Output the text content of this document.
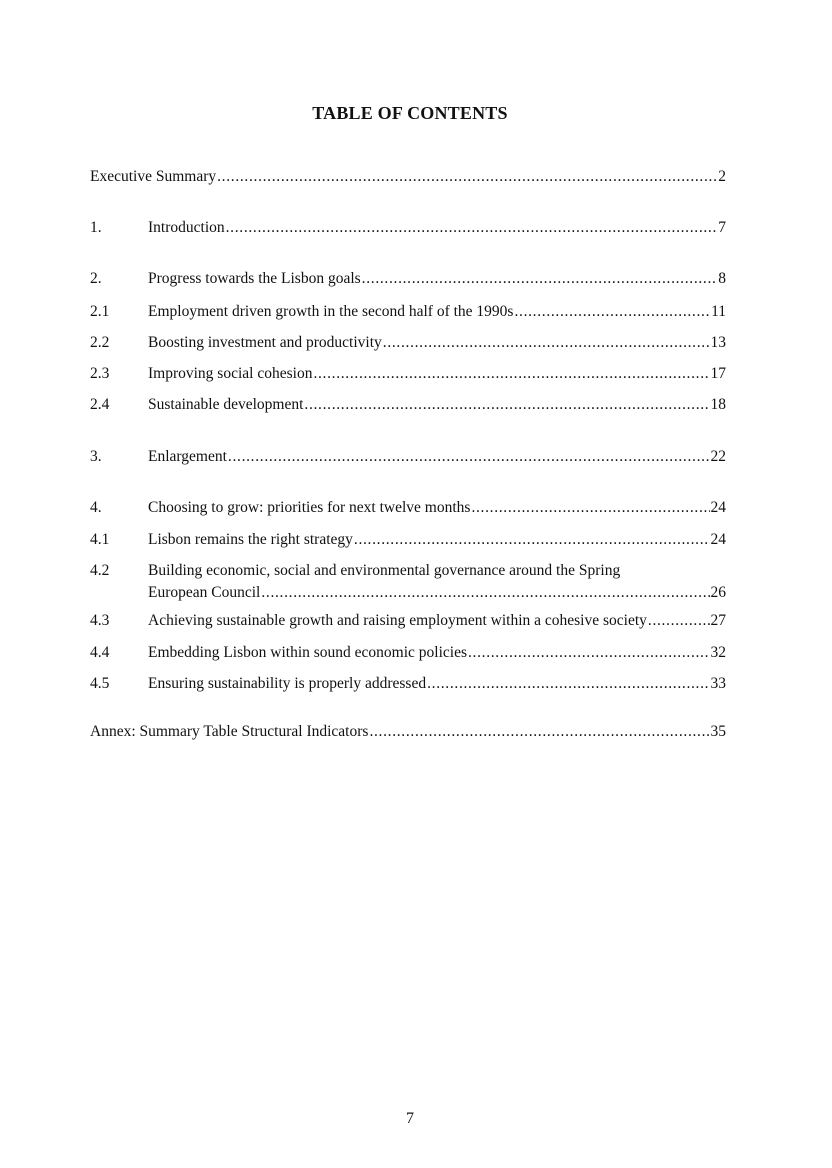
TABLE OF CONTENTS
Executive Summary . . .	2
1.	Introduction . . .	7
2.	Progress towards the Lisbon goals . . .	8
2.1 Employment driven growth in the second half of the 1990s . . .	11
2.2 Boosting investment and productivity . . .	13
2.3 Improving social cohesion . . .	17
2.4 Sustainable development . . .	18
3.	Enlargement . . .	22
4.	Choosing to grow: priorities for next twelve months . . .	24
4.1 Lisbon remains the right strategy . . .	24
4.2 Building economic, social and environmental governance around the Spring
European Council . . .	26
4.3 Achieving sustainable growth and raising employment within a cohesive society . . .	27
4.4 Embedding Lisbon within sound economic policies . . .	32
4.5 Ensuring sustainability is properly addressed . . .	33
Annex: Summary Table Structural Indicators . . .	35
7
